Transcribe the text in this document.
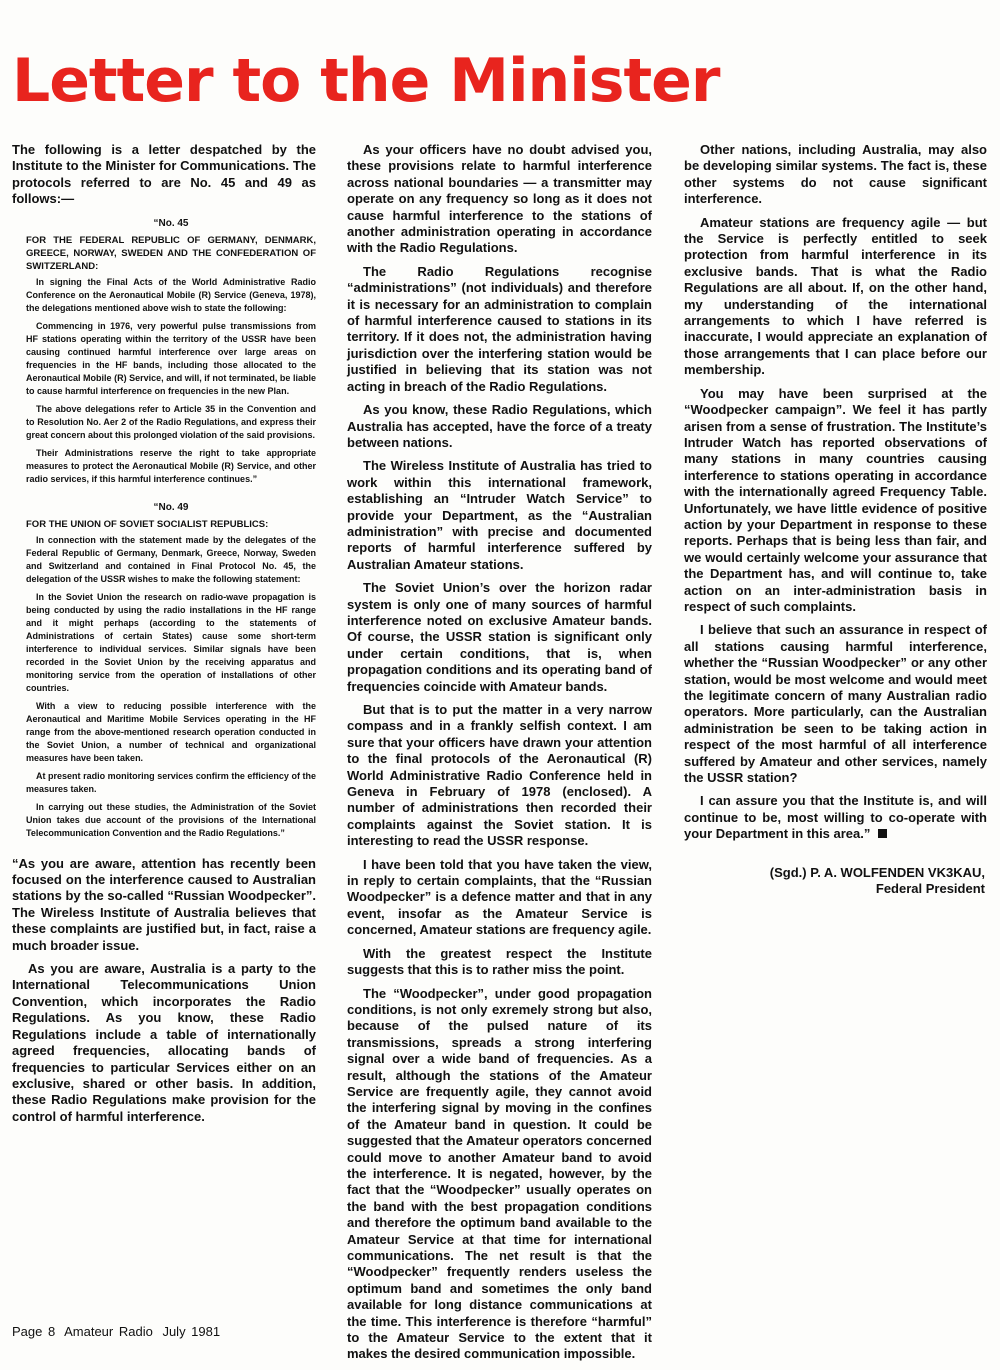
Letter to the Minister

The following is a letter despatched by the Institute to the Minister for Communications. The protocols referred to are No. 45 and 49 as follows:—

“No. 45

FOR THE FEDERAL REPUBLIC OF GERMANY, DENMARK, GREECE, NORWAY, SWEDEN AND THE CONFEDERATION OF SWITZERLAND:

In signing the Final Acts of the World Administrative Radio Conference on the Aeronautical Mobile (R) Service (Geneva, 1978), the delegations mentioned above wish to state the following:

Commencing in 1976, very powerful pulse transmissions from HF stations operating within the territory of the USSR have been causing continued harmful interference over large areas on frequencies in the HF bands, including those allocated to the Aeronautical Mobile (R) Service, and will, if not terminated, be liable to cause harmful interference on frequencies in the new Plan.

The above delegations refer to Article 35 in the Convention and to Resolution No. Aer 2 of the Radio Regulations, and express their great concern about this prolonged violation of the said provisions.

Their Administrations reserve the right to take appropriate measures to protect the Aeronautical Mobile (R) Service, and other radio services, if this harmful interference continues.”

“No. 49

FOR THE UNION OF SOVIET SOCIALIST REPUBLICS:

In connection with the statement made by the delegates of the Federal Republic of Germany, Denmark, Greece, Norway, Sweden and Switzerland and contained in Final Protocol No. 45, the delegation of the USSR wishes to make the following statement:

In the Soviet Union the research on radio-wave propagation is being conducted by using the radio installations in the HF range and it might perhaps (according to the statements of Administrations of certain States) cause some short-term interference to individual services. Similar signals have been recorded in the Soviet Union by the receiving apparatus and monitoring service from the operation of installations of other countries.

With a view to reducing possible interference with the Aeronautical and Maritime Mobile Services operating in the HF range from the above-mentioned research operation conducted in the Soviet Union, a number of technical and organizational measures have been taken.

At present radio monitoring services confirm the efficiency of the measures taken.

In carrying out these studies, the Administration of the Soviet Union takes due account of the provisions of the International Telecommunication Convention and the Radio Regulations.”

“As you are aware, attention has recently been focused on the interference caused to Australian stations by the so-called “Russian Woodpecker”. The Wireless Institute of Australia believes that these complaints are justified but, in fact, raise a much broader issue.

As you are aware, Australia is a party to the International Telecommunications Union Convention, which incorporates the Radio Regulations. As you know, these Radio Regulations include a table of internationally agreed frequencies, allocating bands of frequencies to particular Services either on an exclusive, shared or other basis. In addition, these Radio Regulations make provision for the control of harmful interference.

As your officers have no doubt advised you, these provisions relate to harmful interference across national boundaries — a transmitter may operate on any frequency so long as it does not cause harmful interference to the stations of another administration operating in accordance with the Radio Regulations.

The Radio Regulations recognise “administrations” (not individuals) and therefore it is necessary for an administration to complain of harmful interference caused to stations in its territory. If it does not, the administration having jurisdiction over the interfering station would be justified in believing that its station was not acting in breach of the Radio Regulations.

As you know, these Radio Regulations, which Australia has accepted, have the force of a treaty between nations.

The Wireless Institute of Australia has tried to work within this international framework, establishing an “Intruder Watch Service” to provide your Department, as the “Australian administration” with precise and documented reports of harmful interference suffered by Australian Amateur stations.

The Soviet Union’s over the horizon radar system is only one of many sources of harmful interference noted on exclusive Amateur bands. Of course, the USSR station is significant only under certain conditions, that is, when propagation conditions and its operating band of frequencies coincide with Amateur bands.

But that is to put the matter in a very narrow compass and in a frankly selfish context. I am sure that your officers have drawn your attention to the final protocols of the Aeronautical (R) World Administrative Radio Conference held in Geneva in February of 1978 (enclosed). A number of administrations then recorded their complaints against the Soviet station. It is interesting to read the USSR response.

I have been told that you have taken the view, in reply to certain complaints, that the “Russian Woodpecker” is a defence matter and that in any event, insofar as the Amateur Service is concerned, Amateur stations are frequency agile.

With the greatest respect the Institute suggests that this is to rather miss the point.

The “Woodpecker”, under good propagation conditions, is not only exremely strong but also, because of the pulsed nature of its transmissions, spreads a strong interfering signal over a wide band of frequencies. As a result, although the stations of the Amateur Service are frequently agile, they cannot avoid the interfering signal by moving in the confines of the Amateur band in question. It could be suggested that the Amateur operators concerned could move to another Amateur band to avoid the interference. It is negated, however, by the fact that the “Woodpecker” usually operates on the band with the best propagation conditions and therefore the optimum band available to the Amateur Service at that time for international communications. The net result is that the “Woodpecker” frequently renders useless the optimum band and sometimes the only band available for long distance communications at the time. This interference is therefore “harmful” to the Amateur Service to the extent that it makes the desired communication impossible.

Other nations, including Australia, may also be developing similar systems. The fact is, these other systems do not cause significant interference.

Amateur stations are frequency agile — but the Service is perfectly entitled to seek protection from harmful interference in its exclusive bands. That is what the Radio Regulations are all about. If, on the other hand, my understanding of the international arrangements to which I have referred is inaccurate, I would appreciate an explanation of those arrangements that I can place before our membership.

You may have been surprised at the “Woodpecker campaign”. We feel it has partly arisen from a sense of frustration. The Institute’s Intruder Watch has reported observations of many stations in many countries causing interference to stations operating in accordance with the internationally agreed Frequency Table. Unfortunately, we have little evidence of positive action by your Department in response to these reports. Perhaps that is being less than fair, and we would certainly welcome your assurance that the Department has, and will continue to, take action on an inter-administration basis in respect of such complaints.

I believe that such an assurance in respect of all stations causing harmful interference, whether the “Russian Woodpecker” or any other station, would be most welcome and would meet the legitimate concern of many Australian radio operators. More particularly, can the Australian administration be seen to be taking action in respect of the most harmful of all interference suffered by Amateur and other services, namely the USSR station?

I can assure you that the Institute is, and will continue to be, most willing to co-operate with your Department in this area.”

(Sgd.) P. A. WOLFENDEN VK3KAU,
Federal President
Page 8 Amateur Radio July 1981
